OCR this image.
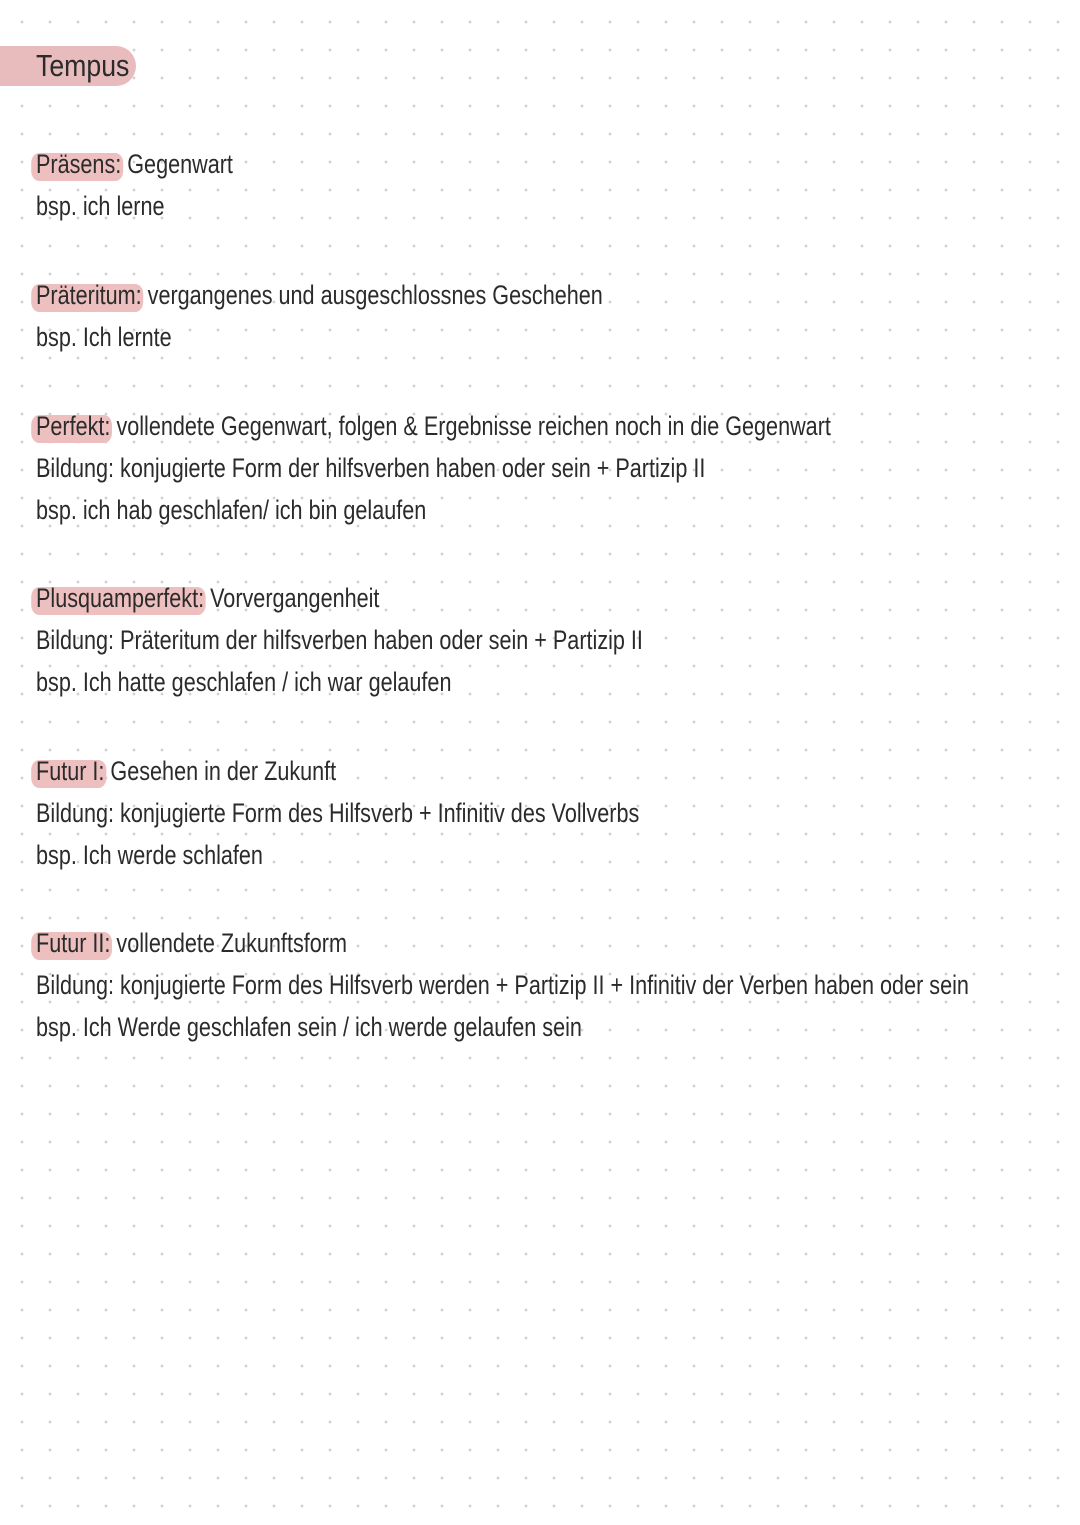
Tempus
Präsens: Gegenwart
bsp. ich lerne
Präteritum: vergangenes und ausgeschlossnes Geschehen
bsp. Ich lernte
Perfekt: vollendete Gegenwart, folgen & Ergebnisse reichen noch in die Gegenwart
Bildung: konjugierte Form der hilfsverben haben oder sein + Partizip II
bsp. ich hab geschlafen/ ich bin gelaufen
Plusquamperfekt: Vorvergangenheit
Bildung: Präteritum der hilfsverben haben oder sein + Partizip II
bsp. Ich hatte geschlafen / ich war gelaufen
Futur I: Gesehen in der Zukunft
Bildung: konjugierte Form des Hilfsverb + Infinitiv des Vollverbs
bsp. Ich werde schlafen
Futur II: vollendete Zukunftsform
Bildung: konjugierte Form des Hilfsverb werden + Partizip II + Infinitiv der Verben haben oder sein
bsp. Ich Werde geschlafen sein / ich werde gelaufen sein
